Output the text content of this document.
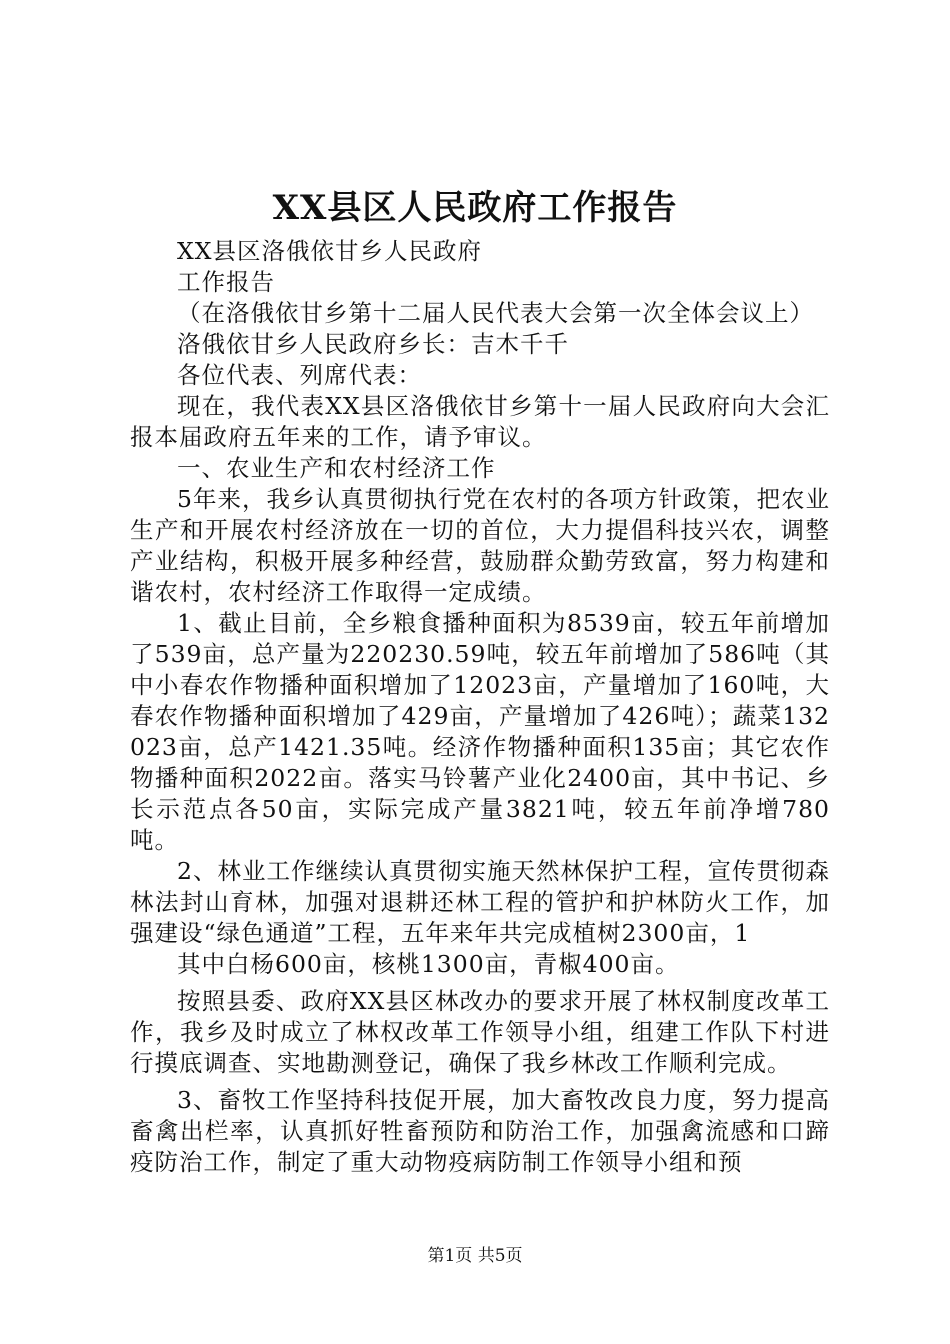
XX县区人民政府工作报告

XX县区洛俄依甘乡人民政府

工作报告

（在洛俄依甘乡第十二届人民代表大会第一次全体会议上）

洛俄依甘乡人民政府乡长：吉木千千

各位代表、列席代表：

现在，我代表XX县区洛俄依甘乡第十一届人民政府向大会汇报本届政府五年来的工作，请予审议。

一、农业生产和农村经济工作

5年来，我乡认真贯彻执行党在农村的各项方针政策，把农业生产和开展农村经济放在一切的首位，大力提倡科技兴农，调整产业结构，积极开展多种经营，鼓励群众勤劳致富，努力构建和谐农村，农村经济工作取得一定成绩。

1、截止目前，全乡粮食播种面积为8539亩，较五年前增加了539亩，总产量为220230.59吨，较五年前增加了586吨（其中小春农作物播种面积增加了12023亩，产量增加了160吨，大春农作物播种面积增加了429亩，产量增加了426吨）；蔬菜132023亩，总产1421.35吨。经济作物播种面积135亩；其它农作物播种面积2022亩。落实马铃薯产业化2400亩，其中书记、乡长示范点各50亩，实际完成产量3821吨，较五年前净增780吨。

2、林业工作继续认真贯彻实施天然林保护工程，宣传贯彻森林法封山育林，加强对退耕还林工程的管护和护林防火工作，加强建设“绿色通道”工程，五年来年共完成植树2300亩，1

其中白杨600亩，核桃1300亩，青椒400亩。

按照县委、政府XX县区林改办的要求开展了林权制度改革工作，我乡及时成立了林权改革工作领导小组，组建工作队下村进行摸底调查、实地勘测登记，确保了我乡林改工作顺利完成。

3、畜牧工作坚持科技促开展，加大畜牧改良力度，努力提高畜禽出栏率，认真抓好牲畜预防和防治工作，加强禽流感和口蹄疫防治工作，制定了重大动物疫病防制工作领导小组和预

第1页 共5页
